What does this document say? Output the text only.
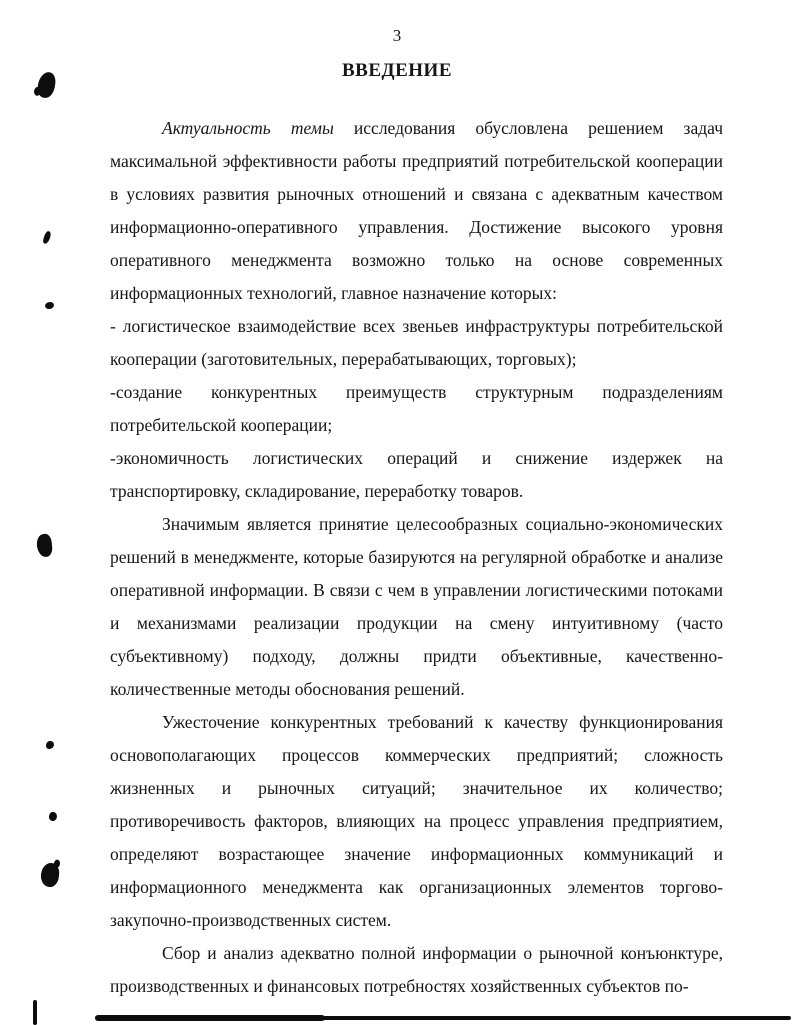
3
ВВЕДЕНИЕ

Актуальность темы исследования обусловлена решением задач максимальной эффективности работы предприятий потребительской кооперации в условиях развития рыночных отношений и связана с адекватным качеством информационно-оперативного управления. Достижение высокого уровня оперативного менеджмента возможно только на основе современных информационных технологий, главное назначение которых:

- логистическое взаимодействие всех звеньев инфраструктуры потребительской кооперации (заготовительных, перерабатывающих, торговых);

-создание конкурентных преимуществ структурным подразделениям потребительской кооперации;

-экономичность логистических операций и снижение издержек на транспортировку, складирование, переработку товаров.

Значимым является принятие целесообразных социально-экономических решений в менеджменте, которые базируются на регулярной обработке и анализе оперативной информации. В связи с чем в управлении логистическими потоками и механизмами реализации продукции на смену интуитивному (часто субъективному) подходу, должны придти объективные, качественно-количественные методы обоснования решений.

Ужесточение конкурентных требований к качеству функционирования основополагающих процессов коммерческих предприятий; сложность жизненных и рыночных ситуаций; значительное их количество; противоречивость факторов, влияющих на процесс управления предприятием, определяют возрастающее значение информационных коммуникаций и информационного менеджмента как организационных элементов торгово-закупочно-производственных систем.

Сбор и анализ адекватно полной информации о рыночной конъюнктуре, производственных и финансовых потребностях хозяйственных субъектов по-
